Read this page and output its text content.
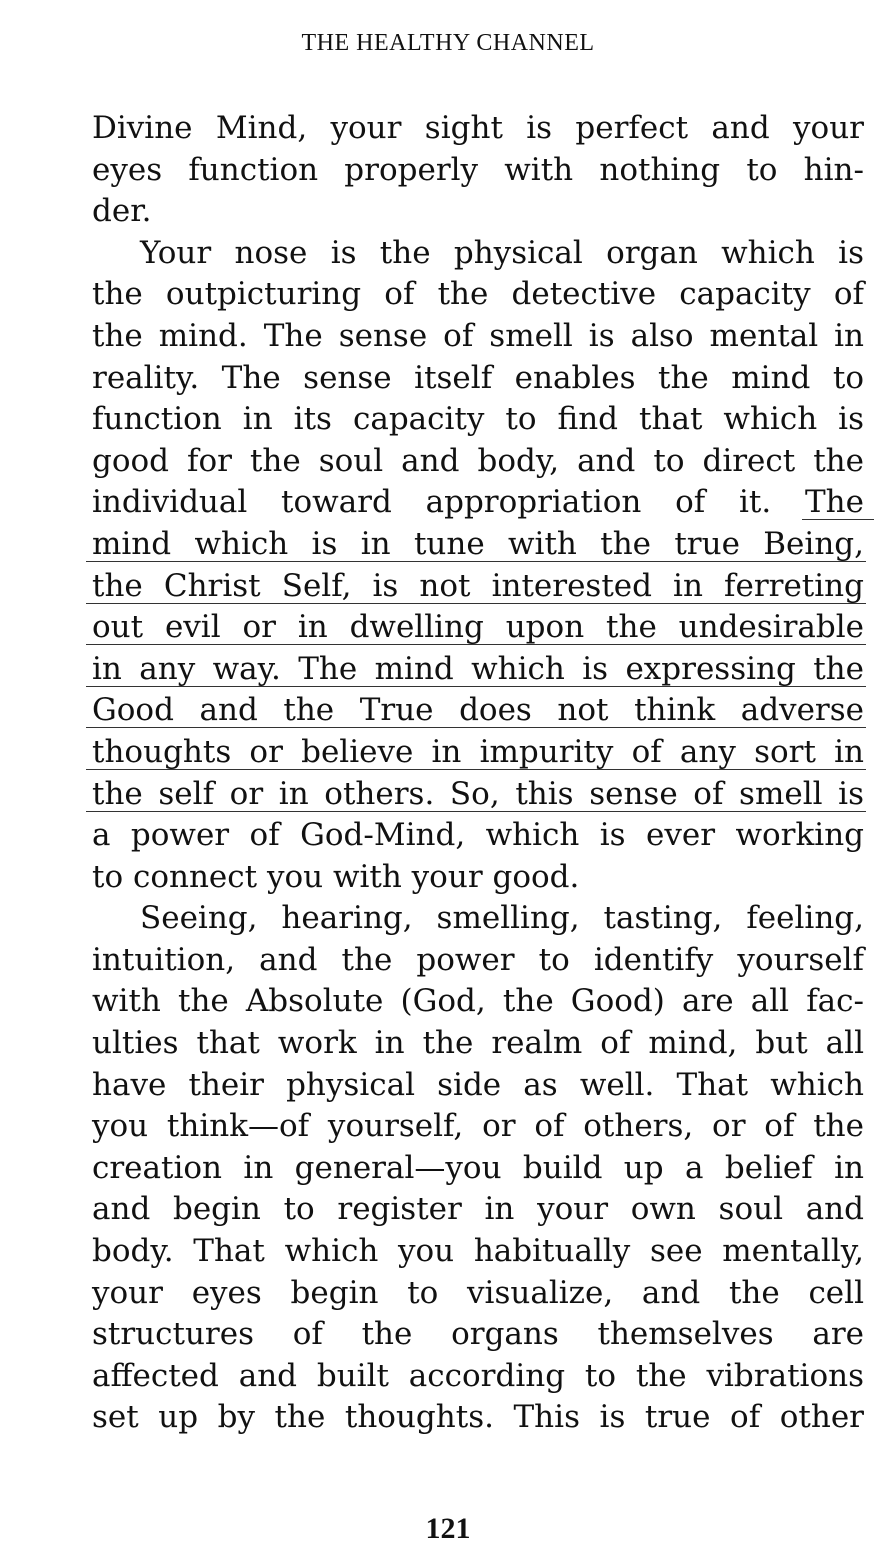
THE HEALTHY CHANNEL
Divine Mind, your sight is perfect and your
eyes function properly with nothing to hin-
der.
Your nose is the physical organ which is
the outpicturing of the detective capacity of
the mind. The sense of smell is also mental in
reality. The sense itself enables the mind to
function in its capacity to find that which is
good for the soul and body, and to direct the
individual toward appropriation of it. The
mind which is in tune with the true Being,
the Christ Self, is not interested in ferreting
out evil or in dwelling upon the undesirable
in any way. The mind which is expressing the
Good and the True does not think adverse
thoughts or believe in impurity of any sort in
the self or in others. So, this sense of smell is
a power of God-Mind, which is ever working
to connect you with your good.
Seeing, hearing, smelling, tasting, feeling,
intuition, and the power to identify yourself
with the Absolute (God, the Good) are all fac-
ulties that work in the realm of mind, but all
have their physical side as well. That which
you think—of yourself, or of others, or of the
creation in general—you build up a belief in
and begin to register in your own soul and
body. That which you habitually see mentally,
your eyes begin to visualize, and the cell
structures of the organs themselves are
affected and built according to the vibrations
set up by the thoughts. This is true of other
121
